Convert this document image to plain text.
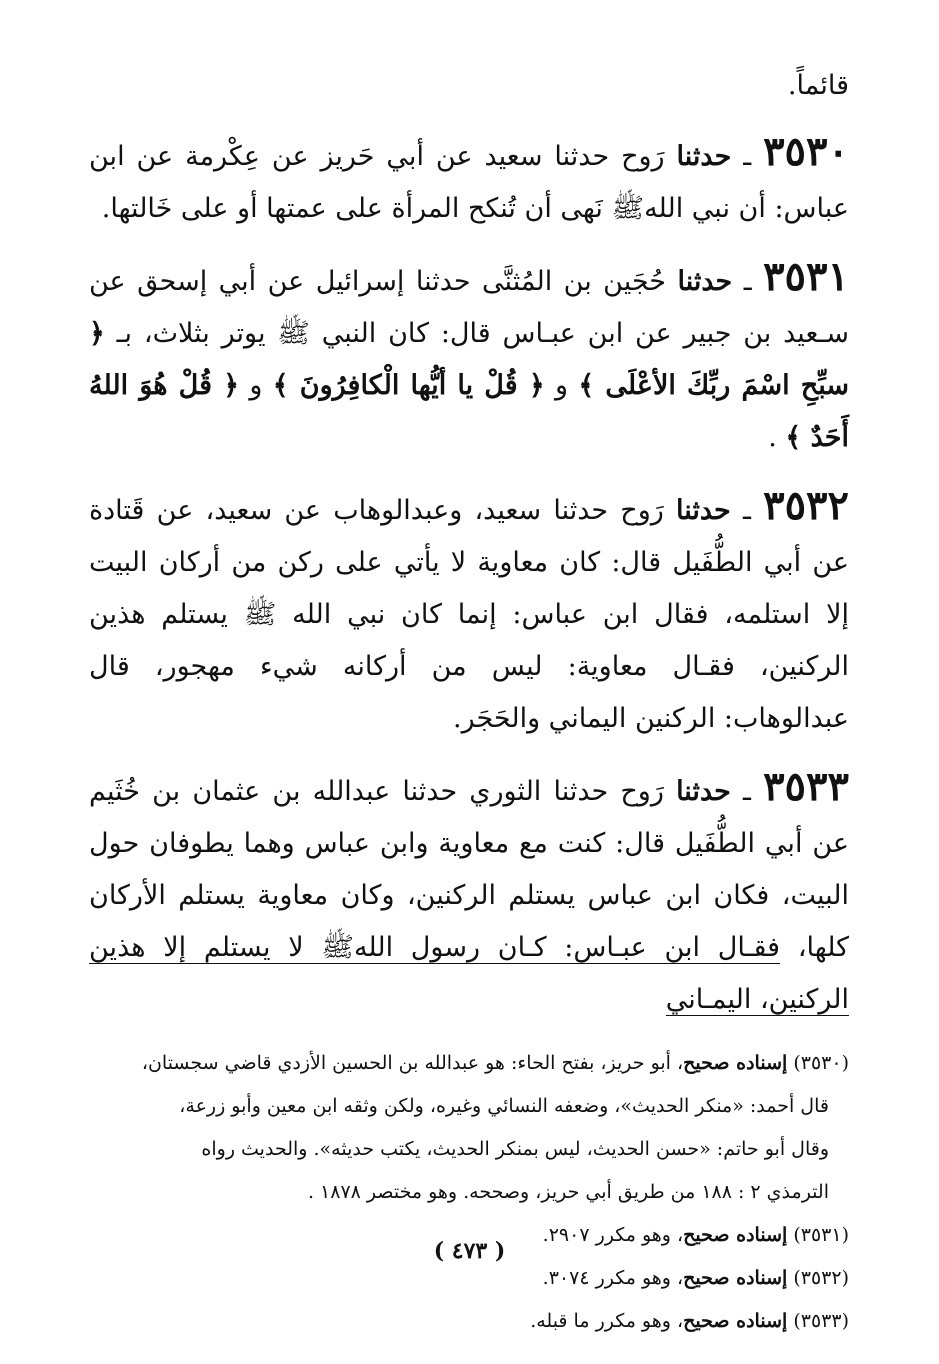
قائماً.

٣٥٣٠ ـ حدثنا رَوح حدثنا سعيد عن أبي حَريز عن عِكْرمة عن ابن عباس: أن نبي اللهﷺ نَهى أن تُنكح المرأة على عمتها أو على خَالتها.

٣٥٣١ ـ حدثنا حُجَين بن المُثنَّى حدثنا إسرائيل عن أبي إسحق عن سـعيد بن جبير عن ابن عبـاس قال: كان النبي ﷺ يوتر بثلاث، بـ ﴿ سبِّحِ اسْمَ ربِّكَ الأعْلَى ﴾ و ﴿ قُلْ يا أيُّها الْكافِرُونَ ﴾ و ﴿ قُلْ هُوَ اللهُ أَحَدٌ ﴾ .

٣٥٣٢ ـ حدثنا رَوح حدثنا سعيد، وعبدالوهاب عن سعيد، عن قَتادة عن أبي الطُّفَيل قال: كان معاوية لا يأتي على ركن من أركان البيت إلا استلمه، فقال ابن عباس: إنما كان نبي الله ﷺ يستلم هذين الركنين، فقـال معاوية: ليس من أركانه شيء مهجور، قال عبدالوهاب: الركنين اليماني والحَجَر.

٣٥٣٣ ـ حدثنا رَوح حدثنا الثوري حدثنا عبدالله بن عثمان بن خُثَيم عن أبي الطُّفَيل قال: كنت مع معاوية وابن عباس وهما يطوفان حول البيت، فكان ابن عباس يستلم الركنين، وكان معاوية يستلم الأركان كلها، فقـال ابن عبـاس: كـان رسول اللهﷺ لا يستلم إلا هذين الركنين، اليمـاني

(٣٥٣٠) إسناده صحيح، أبو حريز، بفتح الحاء: هو عبدالله بن الحسين الأزدي قاضي سجستان،

قال أحمد: «منكر الحديث»، وضعفه النسائي وغيره، ولكن وثقه ابن معين وأبو زرعة،

وقال أبو حاتم: «حسن الحديث، ليس بمنكر الحديث، يكتب حديثه». والحديث رواه

الترمذي ٢ : ١٨٨ من طريق أبي حريز، وصححه. وهو مختصر ١٨٧٨ .

(٣٥٣١) إسناده صحيح، وهو مكرر ٢٩٠٧.

(٣٥٣٢) إسناده صحيح، وهو مكرر ٣٠٧٤.

(٣٥٣٣) إسناده صحيح، وهو مكرر ما قبله.

( ٤٧٣ )
